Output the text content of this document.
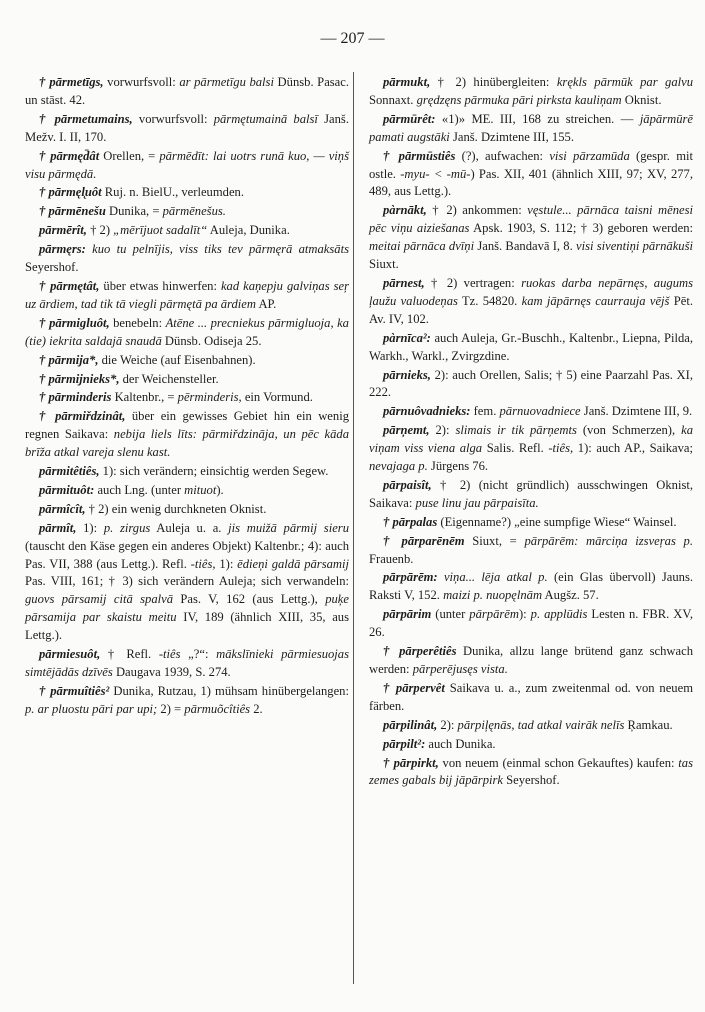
— 207 —

† pārmetīgs, vorwurfsvoll: ar pārmetīgu balsi Dünsb. Pasac. un stāst. 42.

† pārmetumains, vorwurfsvoll: pārmętumainā balsī Janš. Mežv. I. II, 170.

† pārmęd̄ât Orellen, = pārmēdīt: lai uotrs runā kuo, — viņš visu pārmędā.

† pārmęl̨uôt Ruj. n. BielU., verleumden.

† pārmēnešu Dunika, = pārmēnešus.

pārmērît, † 2) „mērījuot sadalīt“ Auleja, Dunika.

pārmęrs: kuo tu pelnījis, viss tiks tev pārmęrā atmaksāts Seyershof.

† pārmętât, über etwas hinwerfen: kad kaņepju galviņas seŗ uz ārdiem, tad tik tā viegli pārmętā pa ārdiem AP.

† pārmigluôt, benebeln: Atēne ... precniekus pārmigluoja, ka (tie) iekrita saldajā snaudā Dünsb. Odiseja 25.

† pārmija*, die Weiche (auf Eisenbahnen).

† pārmijnieks*, der Weichensteller.

† pārminderis Kaltenbr., = pērminderis, ein Vormund.

† pārmiřdzinât, über ein gewisses Gebiet hin ein wenig regnen Saikava: nebija liels līts: pārmiřdzināja, un pēc kāda brīža atkal vareja slenu kast.

pārmitêtiês, 1): sich verändern; einsichtig werden Segew.

pārmituôt: auch Lng. (unter mituot).

pārmîcît, † 2) ein wenig durchkneten Oknist.

pārmît, 1): p. zirgus Auleja u. a. jis muižā pārmij sieru (tauscht den Käse gegen ein anderes Objekt) Kaltenbr.; 4): auch Pas. VII, 388 (aus Lettg.). Refl. -tiês, 1): ēdieņi galdā pārsamij Pas. VIII, 161; † 3) sich verändern Auleja; sich verwandeln: guovs pārsamij citā spalvā Pas. V, 162 (aus Lettg.), puķe pārsamija par skaistu meitu IV, 189 (ähnlich XIII, 35, aus Lettg.).

pārmiesuôt, † Refl. -tiês „?“: mākslīnieki pārmiesuojas simtējādās dzīvēs Daugava 1939, S. 274.

† pārmuîtiês² Dunika, Rutzau, 1) mühsam hinübergelangen: p. ar pluostu pāri par upi; 2) = pārmuõcîtiês 2.

pārmukt, † 2) hinübergleiten: krękls pārmūk par galvu Sonnaxt. grędzęns pārmuka pāri pirksta kauliņam Oknist.

pārmūrêt: «1)» ME. III, 168 zu streichen. — jāpārmūrē pamati augstāki Janš. Dzimtene III, 155.

† pārmūstiês (?), aufwachen: visi pārzamūda (gespr. mit ostle. -myu- < -mū-) Pas. XII, 401 (ähnlich XIII, 97; XV, 277, 489, aus Lettg.).

pàrnākt, † 2) ankommen: vęstule... pārnāca taisni mēnesi pēc viņu aiziešanas Apsk. 1903, S. 112; † 3) geboren werden: meitai pārnāca dvīņi Janš. Bandavā I, 8. visi siventiņi pārnākuši Siuxt.

pārnest, † 2) vertragen: ruokas darba nepārnęs, augums ļaužu valuodeņas Tz. 54820. kam jāpārnęs caurrauja vējš Pēt. Av. IV, 102.

pàrnīca²: auch Auleja, Gr.-Buschh., Kaltenbr., Liepna, Pilda, Warkh., Warkl., Zvirgzdine.

pārnieks, 2): auch Orellen, Salis; † 5) eine Paarzahl Pas. XI, 222.

pārnuôvadnieks: fem. pārnuovadniece Janš. Dzimtene III, 9.

pārņemt, 2): slimais ir tik pārņemts (von Schmerzen), ka viņam viss viena alga Salis. Refl. -tiês, 1): auch AP., Saikava; nevajaga p. Jürgens 76.

pārpaisît, † 2) (nicht gründlich) ausschwingen Oknist, Saikava: puse linu jau pārpaisīta.

† pārpalas (Eigenname?) „eine sumpfige Wiese“ Wainsel.

† pārparēnēm Siuxt, = pārpārēm: mārciņa izsveŗas p. Frauenb.

pārpārēm: viņa... lēja atkal p. (ein Glas übervoll) Jauns. Raksti V, 152. maizi p. nuopęlnām Augšz. 57.

pārpārim (unter pārpārēm): p. applūdis Lesten n. FBR. XV, 26.

† pārperêtiês Dunika, allzu lange brütend ganz schwach werden: pārperējusęs vista.

† pārpervêt Saikava u. a., zum zweitenmal od. von neuem färben.

pārpilinât, 2): pārpiļęnās, tad atkal vairāk nelīs Ŗamkau.

pārpilt²: auch Dunika.

† pārpirkt, von neuem (einmal schon Gekauftes) kaufen: tas zemes gabals bij jāpārpirk Seyershof.
